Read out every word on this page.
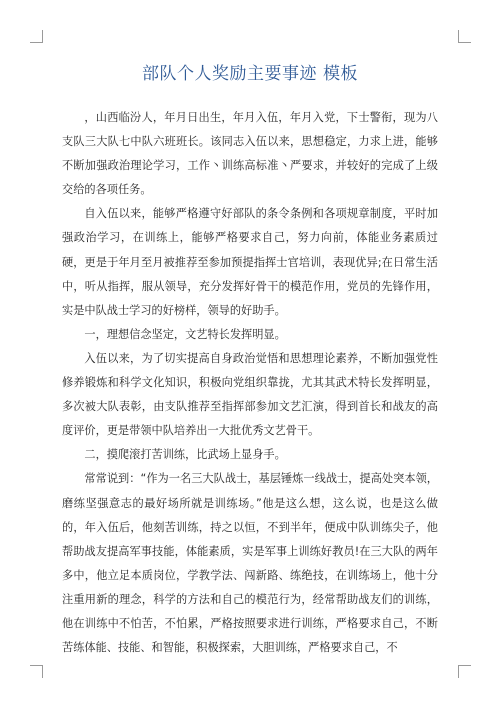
部队个人奖励主要事迹 模板

，山西临汾人，年月日出生，年月入伍，年月入党，下士警衔，现为八支队三大队七中队六班班长。该同志入伍以来，思想稳定，力求上进，能够不断加强政治理论学习，工作丶训练高标准丶严要求，并较好的完成了上级交给的各项任务。

自入伍以来，能够严格遵守好部队的条令条例和各项规章制度，平时加强政治学习，在训练上，能够严格要求自己，努力向前，体能业务素质过硬，更是于年月至月被推荐至参加预提指挥士官培训，表现优异;在日常生活中，听从指挥，服从领导，充分发挥好骨干的模范作用，党员的先锋作用，实是中队战士学习的好榜样，领导的好助手。

一，理想信念坚定，文艺特长发挥明显。

入伍以来，为了切实提高自身政治觉悟和思想理论素养，不断加强党性修养锻炼和科学文化知识，积极向党组织靠拢，尤其其武术特长发挥明显，多次被大队表彰，由支队推荐至指挥部参加文艺汇演，得到首长和战友的高度评价，更是带领中队培养出一大批优秀文艺骨干。

二，摸爬滚打苦训练，比武场上显身手。

常常说到：“作为一名三大队战士，基层锤炼一线战士，提高处突本领，磨练坚强意志的最好场所就是训练场。”他是这么想，这么说，也是这么做的，年入伍后，他刻苦训练，持之以恒，不到半年，便成中队训练尖子，他帮助战友提高军事技能，体能素质，实是军事上训练好教员!在三大队的两年多中，他立足本质岗位，学教学法、闯新路、练绝技，在训练场上，他十分注重用新的理念，科学的方法和自己的模范行为，经常帮助战友们的训练，他在训练中不怕苦，不怕累，严格按照要求进行训练，严格要求自己，不断苦练体能、技能、和智能，积极探索，大胆训练，严格要求自己，不
